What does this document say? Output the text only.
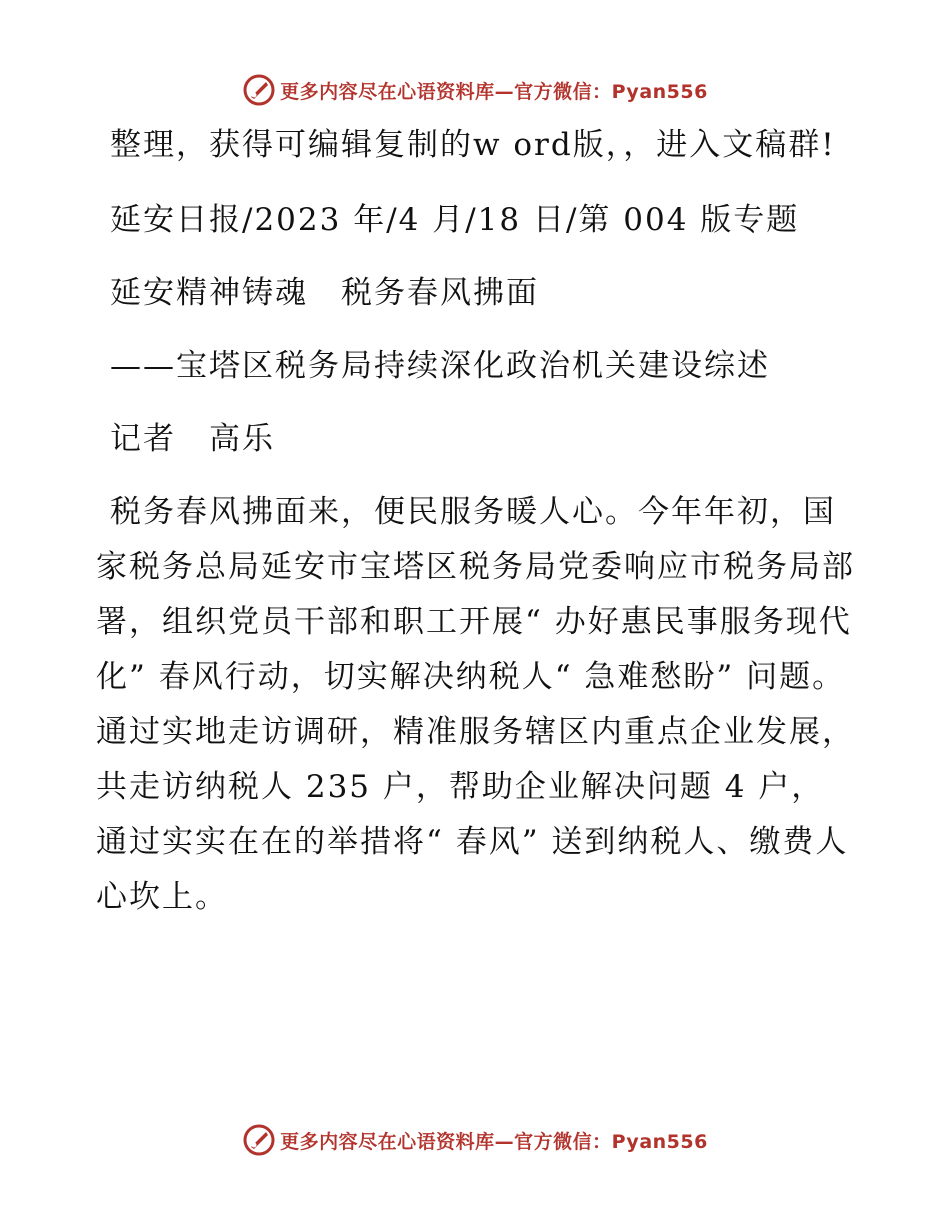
更多内容尽在心语资料库—官方微信：Pyan556

整理，获得可编辑复制的w ord版，，进入文稿群!

延安日报/2023 年/4 月/18 日/第 004 版专题

延安精神铸魂　税务春风拂面

——宝塔区税务局持续深化政治机关建设综述

记者　高乐

税务春风拂面来，便民服务暖人心。今年年初，国家税务总局延安市宝塔区税务局党委响应市税务局部署，组织党员干部和职工开展“ 办好惠民事服务现代化” 春风行动，切实解决纳税人“ 急难愁盼” 问题。通过实地走访调研，精准服务辖区内重点企业发展，共走访纳税人 235 户，帮助企业解决问题 4 户，通过实实在在的举措将“ 春风” 送到纳税人、缴费人心坎上。

更多内容尽在心语资料库—官方微信：Pyan556
